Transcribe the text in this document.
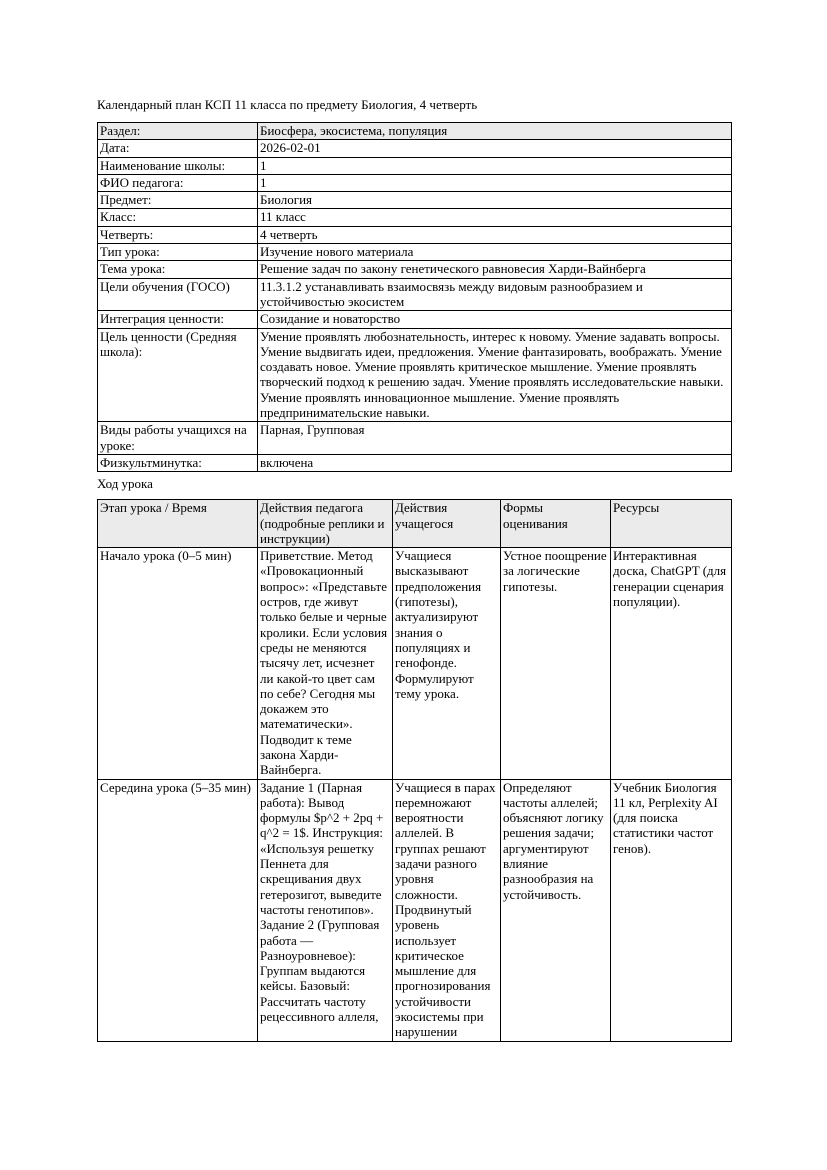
Календарный план КСП 11 класса по предмету Биология, 4 четверть

Раздел:	Биосфера, экосистема, популяция
Дата:	2026-02-01
Наименование школы:	1
ФИО педагога:	1
Предмет:	Биология
Класс:	11 класс
Четверть:	4 четверть
Тип урока:	Изучение нового материала
Тема урока:	Решение задач по закону генетического равновесия Харди-Вайнберга
Цели обучения (ГОСО)	11.3.1.2 устанавливать взаимосвязь между видовым разнообразием и устойчивостью экосистем
Интеграция ценности:	Созидание и новаторство
Цель ценности (Средняя школа):	Умение проявлять любознательность, интерес к новому. Умение задавать вопросы. Умение выдвигать идеи, предложения. Умение фантазировать, воображать. Умение создавать новое. Умение проявлять критическое мышление. Умение проявлять творческий подход к решению задач. Умение проявлять исследовательские навыки. Умение проявлять инновационное мышление. Умение проявлять предпринимательские навыки.
Виды работы учащихся на уроке:	Парная, Групповая
Физкультминутка:	включена

Ход урока

Этап урока / Время	Действия педагога (подробные реплики и инструкции)	Действия учащегося	Формы оценивания	Ресурсы
Начало урока (0–5 мин)	Приветствие. Метод «Провокационный вопрос»: «Представьте остров, где живут только белые и черные кролики. Если условия среды не меняются тысячу лет, исчезнет ли какой-то цвет сам по себе? Сегодня мы докажем это математически». Подводит к теме закона Харди-Вайнберга.	Учащиеся высказывают предположения (гипотезы), актуализируют знания о популяциях и генофонде. Формулируют тему урока.	Устное поощрение за логические гипотезы.	Интерактивная доска, ChatGPT (для генерации сценария популяции).
Середина урока (5–35 мин)	Задание 1 (Парная работа): Вывод формулы $p^2 + 2pq + q^2 = 1$. Инструкция: «Используя решетку Пеннета для скрещивания двух гетерозигот, выведите частоты генотипов». Задание 2 (Групповая работа — Разноуровневое): Группам выдаются кейсы. Базовый: Рассчитать частоту рецессивного аллеля,	Учащиеся в парах перемножают вероятности аллелей. В группах решают задачи разного уровня сложности. Продвинутый уровень использует критическое мышление для прогнозирования устойчивости экосистемы при нарушении	Определяют частоты аллелей; объясняют логику решения задачи; аргументируют влияние разнообразия на устойчивость.	Учебник Биология 11 кл, Perplexity AI (для поиска статистики частот генов).
